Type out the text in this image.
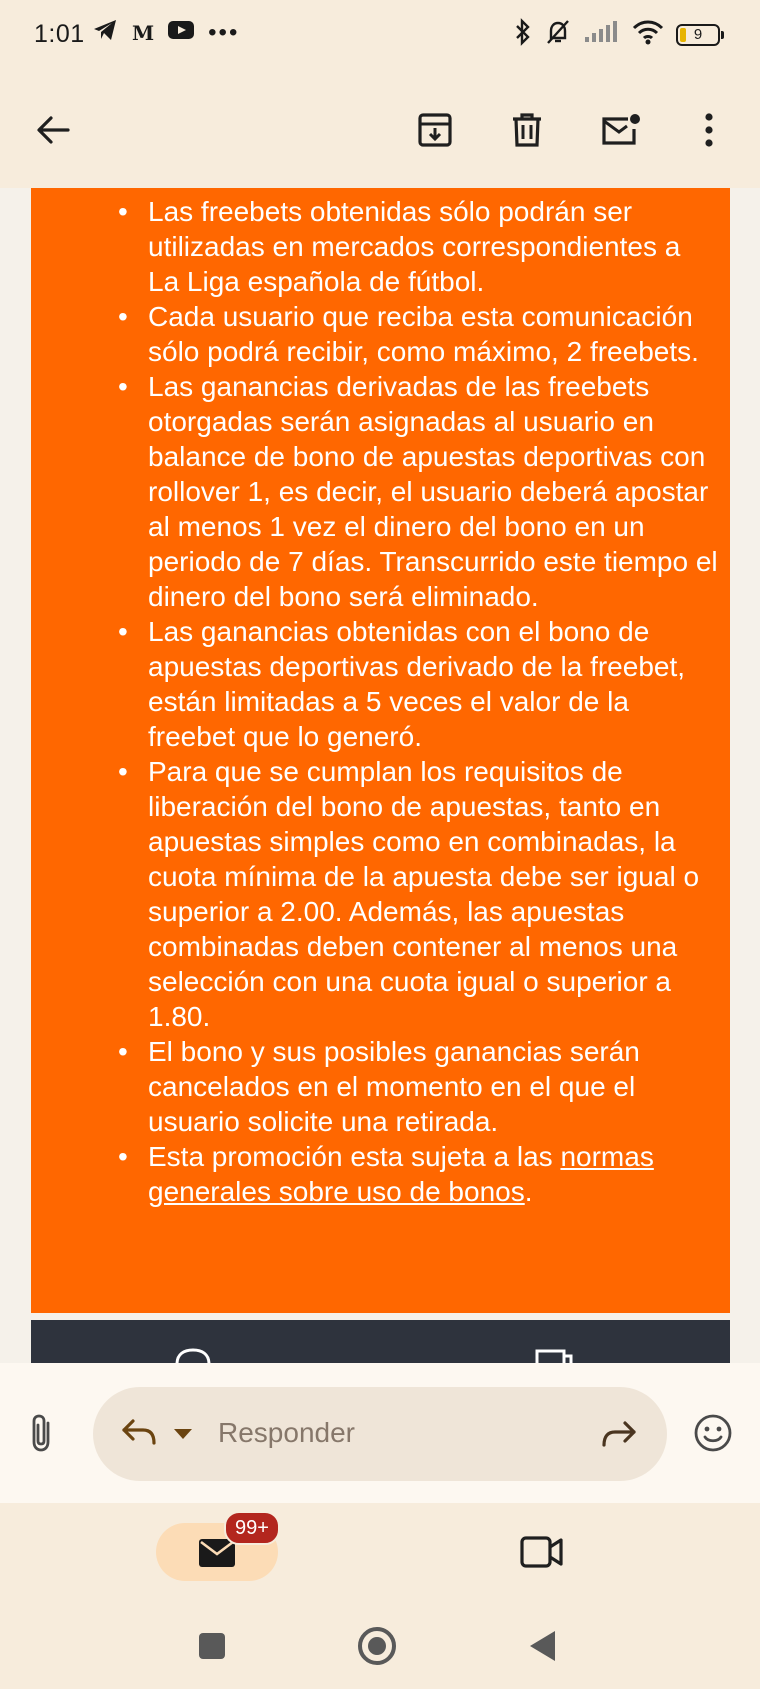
1:01 M •••	9
• Las freebets obtenidas sólo podrán ser utilizadas en mercados correspondientes a La Liga española de fútbol.
• Cada usuario que reciba esta comunicación sólo podrá recibir, como máximo, 2 freebets.
• Las ganancias derivadas de las freebets otorgadas serán asignadas al usuario en balance de bono de apuestas deportivas con rollover 1, es decir, el usuario deberá apostar al menos 1 vez el dinero del bono en un periodo de 7 días. Transcurrido este tiempo el dinero del bono será eliminado.
• Las ganancias obtenidas con el bono de apuestas deportivas derivado de la freebet, están limitadas a 5 veces el valor de la freebet que lo generó.
• Para que se cumplan los requisitos de liberación del bono de apuestas, tanto en apuestas simples como en combinadas, la cuota mínima de la apuesta debe ser igual o superior a 2.00. Además, las apuestas combinadas deben contener al menos una selección con una cuota igual o superior a 1.80.
• El bono y sus posibles ganancias serán cancelados en el momento en el que el usuario solicite una retirada.
• Esta promoción esta sujeta a las normas generales sobre uso de bonos.
Responder
99+
